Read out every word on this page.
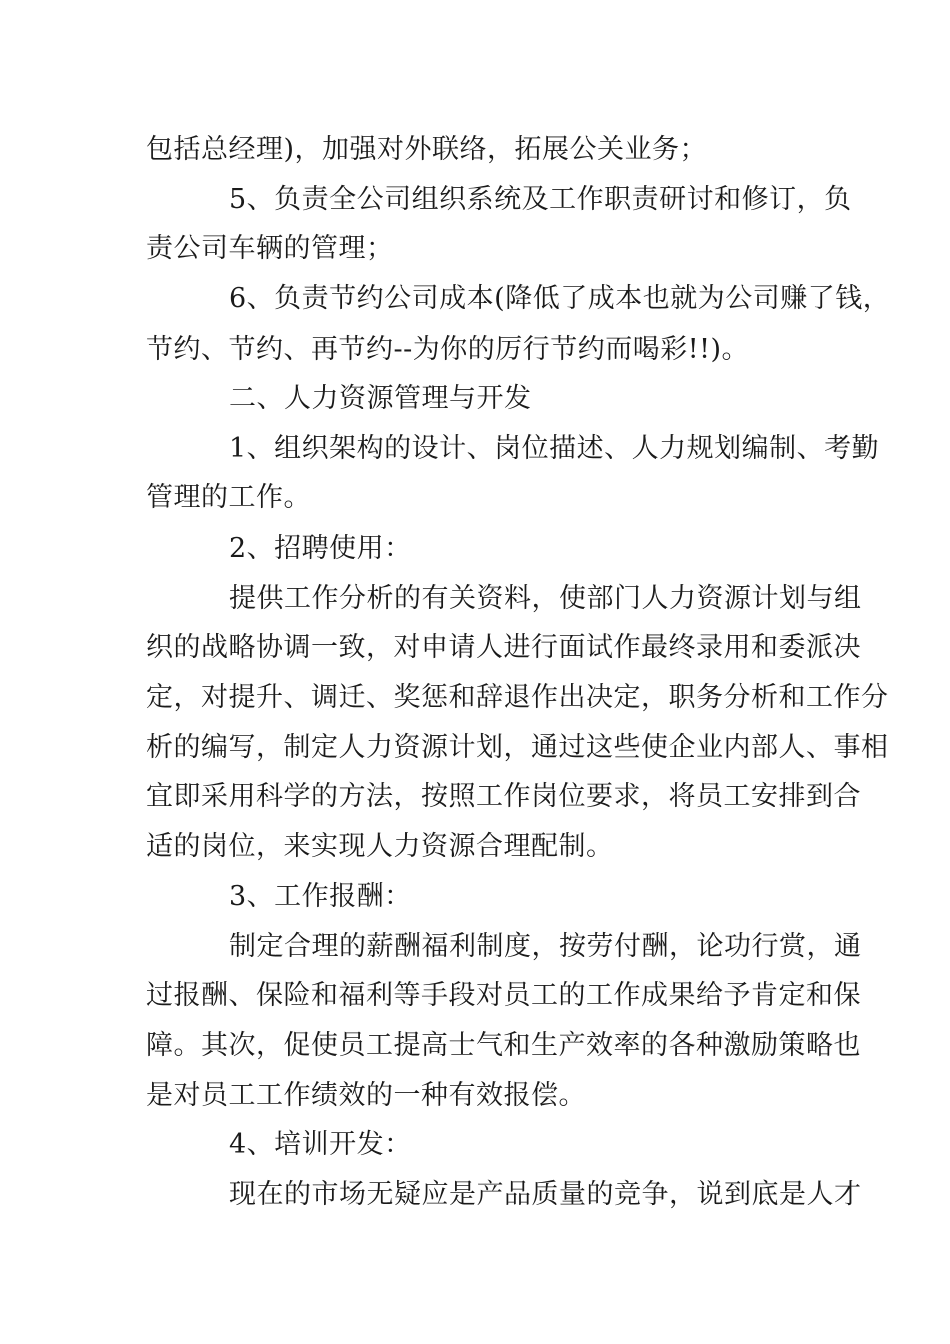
包括总经理)，加强对外联络，拓展公关业务；
5、负责全公司组织系统及工作职责研讨和修订，负
责公司车辆的管理；
6、负责节约公司成本(降低了成本也就为公司赚了钱，
节约、节约、再节约--为你的厉行节约而喝彩!!)。
二、人力资源管理与开发
1、组织架构的设计、岗位描述、人力规划编制、考勤
管理的工作。
2、招聘使用：
提供工作分析的有关资料，使部门人力资源计划与组
织的战略协调一致，对申请人进行面试作最终录用和委派决
定，对提升、调迁、奖惩和辞退作出决定，职务分析和工作分
析的编写，制定人力资源计划，通过这些使企业内部人、事相
宜即采用科学的方法，按照工作岗位要求，将员工安排到合
适的岗位，来实现人力资源合理配制。
3、工作报酬：
制定合理的薪酬福利制度，按劳付酬，论功行赏，通
过报酬、保险和福利等手段对员工的工作成果给予肯定和保
障。其次，促使员工提高士气和生产效率的各种激励策略也
是对员工工作绩效的一种有效报偿。
4、培训开发：
现在的市场无疑应是产品质量的竞争，说到底是人才
